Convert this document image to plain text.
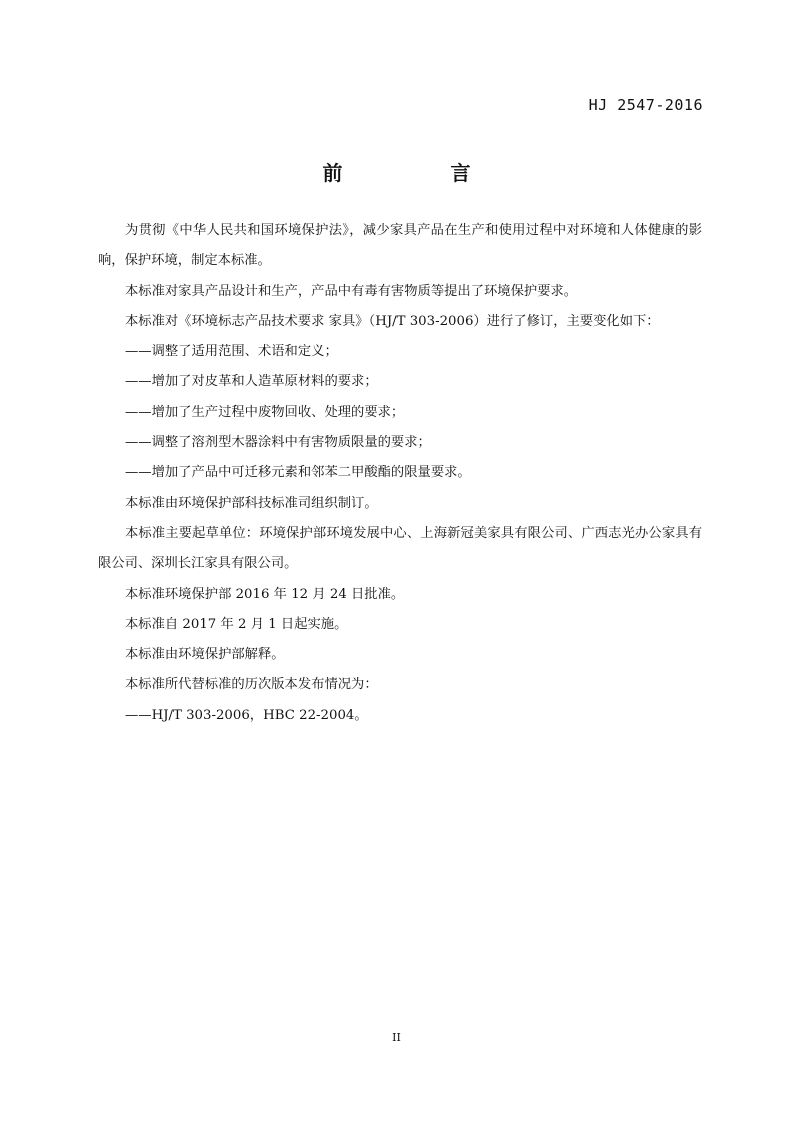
HJ 2547-2016
前　言

为贯彻《中华人民共和国环境保护法》，减少家具产品在生产和使用过程中对环境和人体健康的影响，保护环境，制定本标准。

本标准对家具产品设计和生产，产品中有毒有害物质等提出了环境保护要求。

本标准对《环境标志产品技术要求 家具》（HJ/T 303-2006）进行了修订，主要变化如下：

——调整了适用范围、术语和定义；

——增加了对皮革和人造革原材料的要求；

——增加了生产过程中废物回收、处理的要求；

——调整了溶剂型木器涂料中有害物质限量的要求；

——增加了产品中可迁移元素和邻苯二甲酸酯的限量要求。

本标准由环境保护部科技标准司组织制订。

本标准主要起草单位：环境保护部环境发展中心、上海新冠美家具有限公司、广西志光办公家具有限公司、深圳长江家具有限公司。

本标准环境保护部 2016 年 12 月 24 日批准。

本标准自 2017 年 2 月 1 日起实施。

本标准由环境保护部解释。

本标准所代替标准的历次版本发布情况为：

——HJ/T 303-2006，HBC 22-2004。

II
